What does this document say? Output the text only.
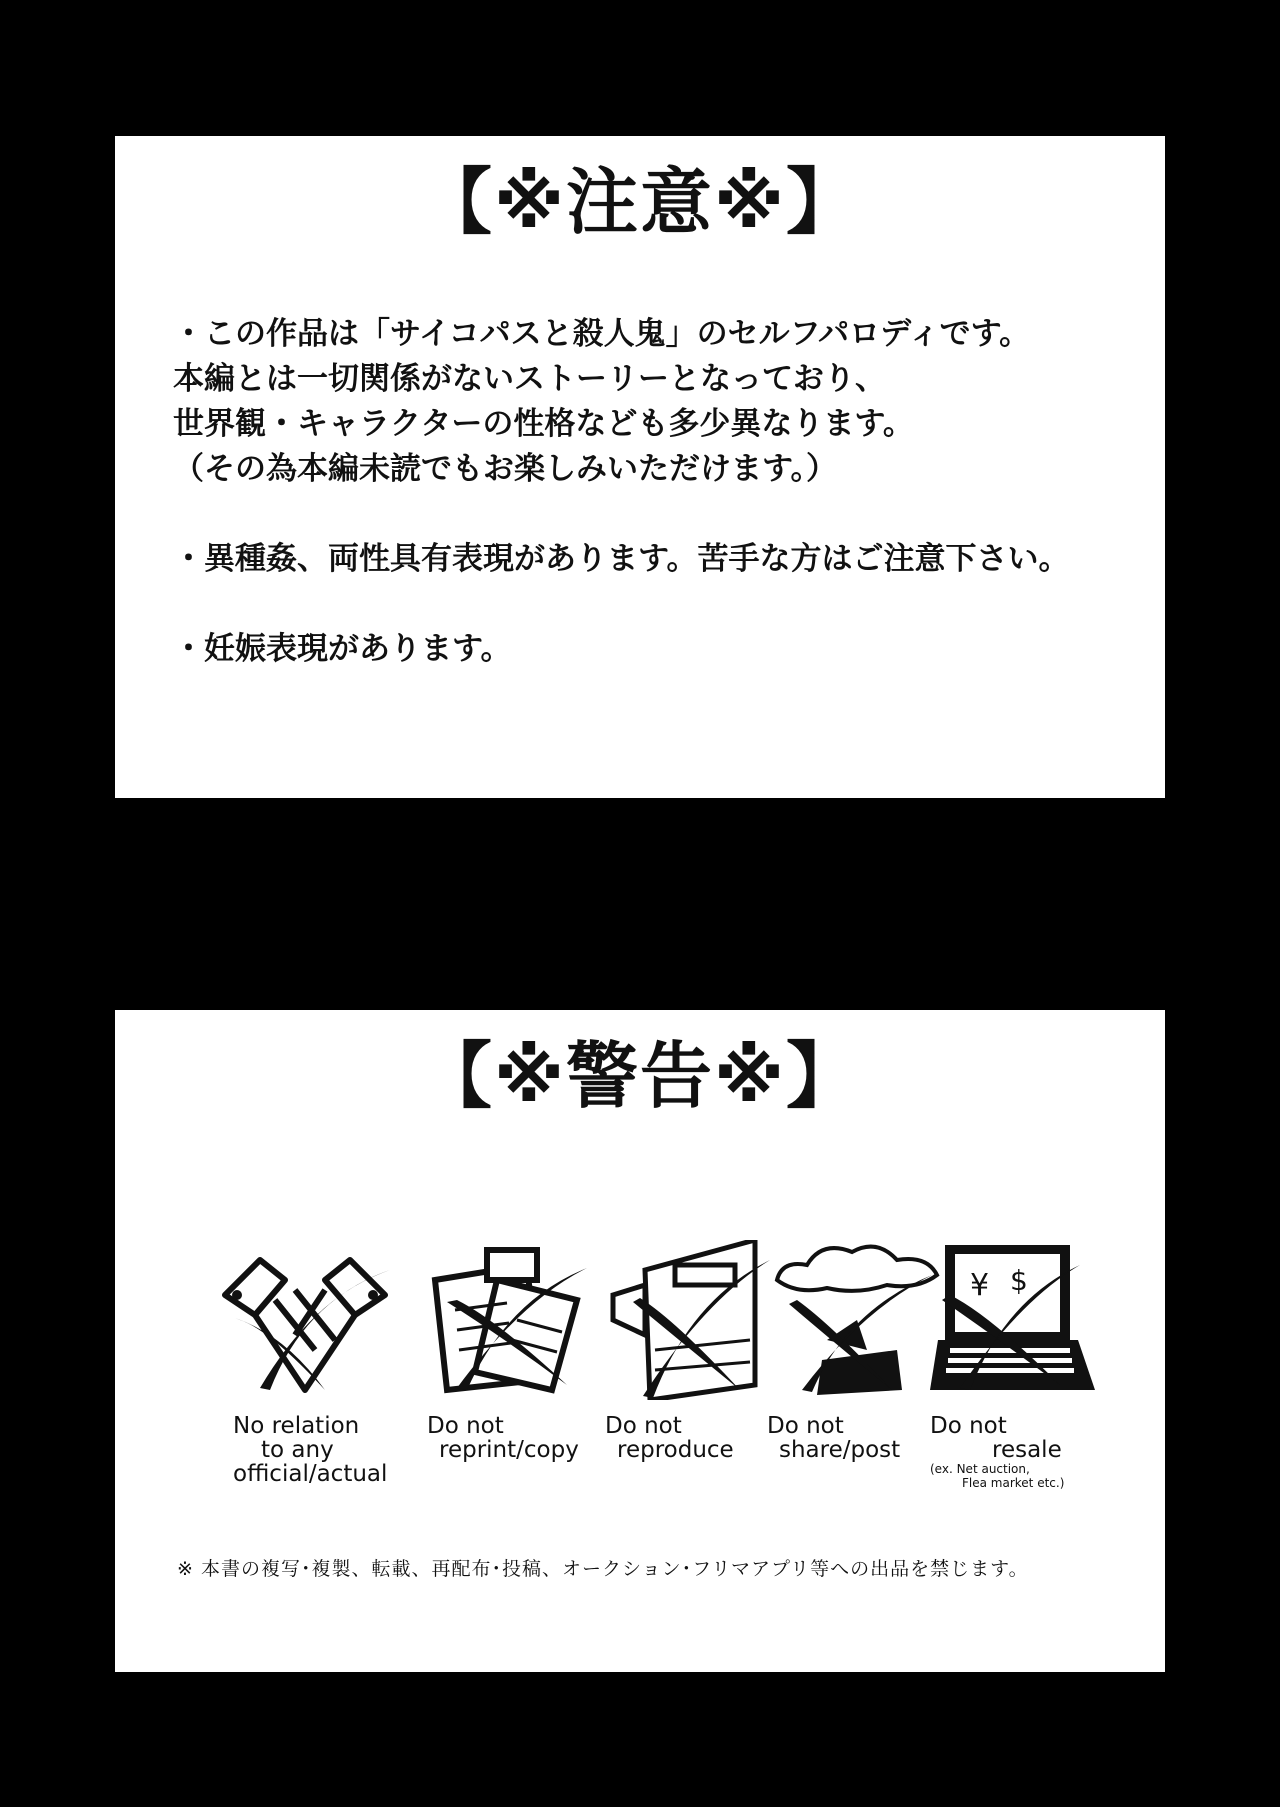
【※注意※】

・この作品は「サイコパスと殺人鬼」のセルフパロディです。

本編とは一切関係がないストーリーとなっており、

世界観・キャラクターの性格なども多少異なります。

（その為本編未読でもお楽しみいただけます。）

・異種姦、両性具有表現があります。苦手な方はご注意下さい。

・妊娠表現があります。

【※警告※】
No relation
to any
official/actual
Do not
reprint/copy
Do not
reproduce
Do not
share/post
¥ $
Do not
resale
(ex. Net auction,
Flea market etc.)
※ 本書の複写･複製、転載、再配布･投稿、オークション･フリマアプリ等への出品を禁じます。
